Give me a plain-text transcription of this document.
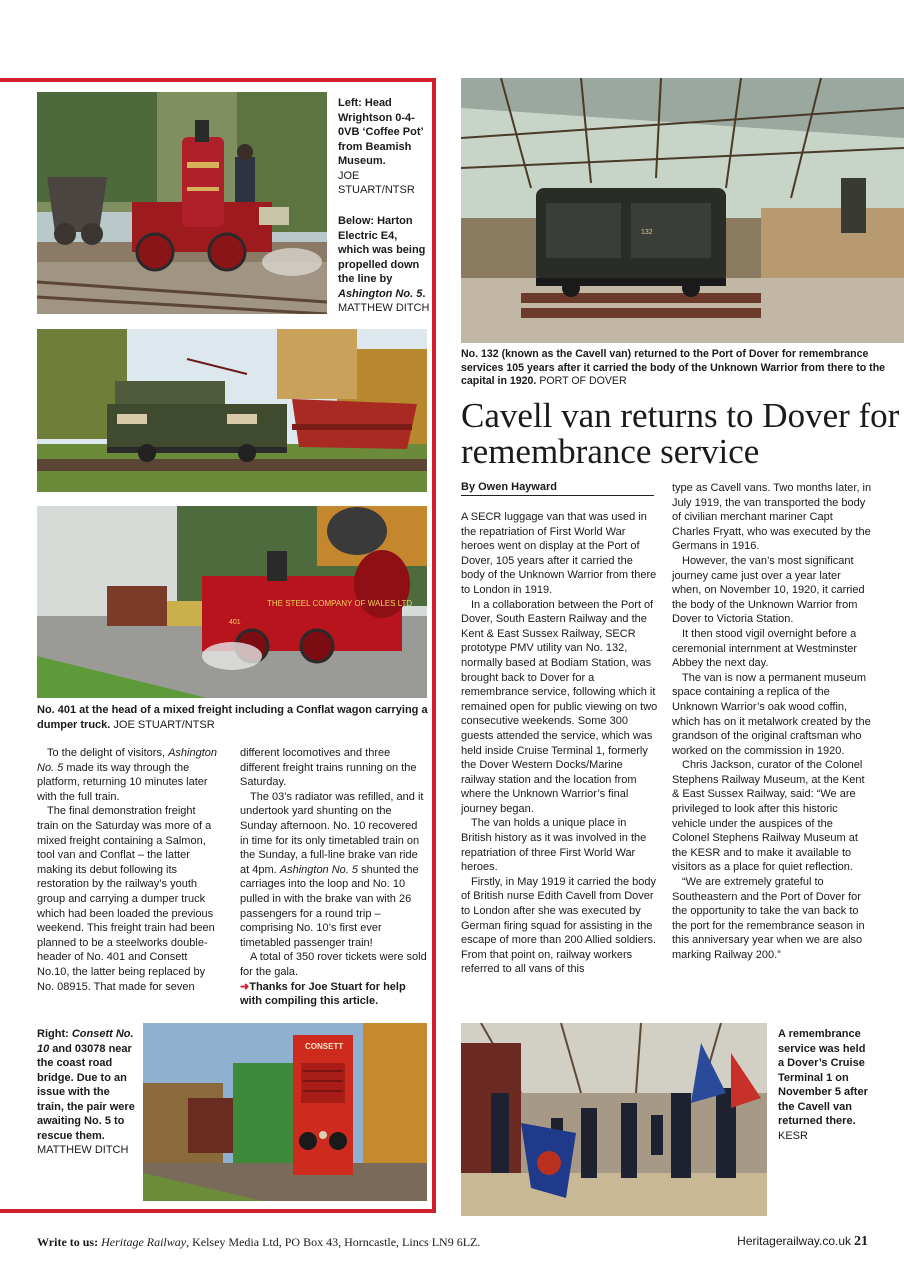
Left: Head Wrightson 0-4-0VB ‘Coffee Pot’ from Beamish Museum.
JOE STUART/NTSR
Below: Harton Electric E4, which was being propelled down the line by Ashington No. 5.
MATTHEW DITCH
THE STEEL COMPANY OF WALES LTD
401
No. 401 at the head of a mixed freight including a Conflat wagon carrying a dumper truck. JOE STUART/NTSR

To the delight of visitors, Ashington No. 5 made its way through the platform, returning 10 minutes later with the full train.

The final demonstration freight train on the Saturday was more of a mixed freight containing a Salmon, tool van and Conflat – the latter making its debut following its restoration by the railway’s youth group and carrying a dumper truck which had been loaded the previous weekend. This freight train had been planned to be a steelworks double-header of No. 401 and Consett No.10, the latter being replaced by No. 08915. That made for seven

different locomotives and three different freight trains running on the Saturday.

The 03’s radiator was refilled, and it undertook yard shunting on the Sunday afternoon. No. 10 recovered in time for its only timetabled train on the Sunday, a full-line brake van ride at 4pm. Ashington No. 5 shunted the carriages into the loop and No. 10 pulled in with the brake van with 26 passengers for a round trip – comprising No. 10’s first ever timetabled passenger train!

A total of 350 rover tickets were sold for the gala.

➜Thanks for Joe Stuart for help with compiling this article.

Right: Consett No. 10 and 03078 near the coast road bridge. Due to an issue with the train, the pair were awaiting No. 5 to rescue them.
MATTHEW DITCH
CONSETT
132
No. 132 (known as the Cavell van) returned to the Port of Dover for remembrance services 105 years after it carried the body of the Unknown Warrior from there to the capital in 1920. PORT OF DOVER
Cavell van returns to Dover for remembrance service
By Owen Hayward

A SECR luggage van that was used in the repatriation of First World War heroes went on display at the Port of Dover, 105 years after it carried the body of the Unknown Warrior from there to London in 1919.

In a collaboration between the Port of Dover, South Eastern Railway and the Kent & East Sussex Railway, SECR prototype PMV utility van No. 132, normally based at Bodiam Station, was brought back to Dover for a remembrance service, following which it remained open for public viewing on two consecutive weekends. Some 300 guests attended the service, which was held inside Cruise Terminal 1, formerly the Dover Western Docks/Marine railway station and the location from where the Unknown Warrior’s final journey began.

The van holds a unique place in British history as it was involved in the repatriation of three First World War heroes.

Firstly, in May 1919 it carried the body of British nurse Edith Cavell from Dover to London after she was executed by German firing squad for assisting in the escape of more than 200 Allied soldiers. From that point on, railway workers referred to all vans of this

type as Cavell vans. Two months later, in July 1919, the van transported the body of civilian merchant mariner Capt Charles Fryatt, who was executed by the Germans in 1916.

However, the van’s most significant journey came just over a year later when, on November 10, 1920, it carried the body of the Unknown Warrior from Dover to Victoria Station.

It then stood vigil overnight before a ceremonial internment at Westminster Abbey the next day.

The van is now a permanent museum space containing a replica of the Unknown Warrior’s oak wood coffin, which has on it metalwork created by the grandson of the original craftsman who worked on the commission in 1920.

Chris Jackson, curator of the Colonel Stephens Railway Museum, at the Kent & East Sussex Railway, said: “We are privileged to look after this historic vehicle under the auspices of the Colonel Stephens Railway Museum at the KESR and to make it available to visitors as a place for quiet reflection.

“We are extremely grateful to Southeastern and the Port of Dover for the opportunity to take the van back to the port for the remembrance season in this anniversary year when we are also marking Railway 200.”

A remembrance service was held a Dover’s Cruise Terminal 1 on November 5 after the Cavell van returned there.
KESR
Write to us: Heritage Railway, Kelsey Media Ltd, PO Box 43, Horncastle, Lincs LN9 6LZ.	Heritagerailway.co.uk 21
